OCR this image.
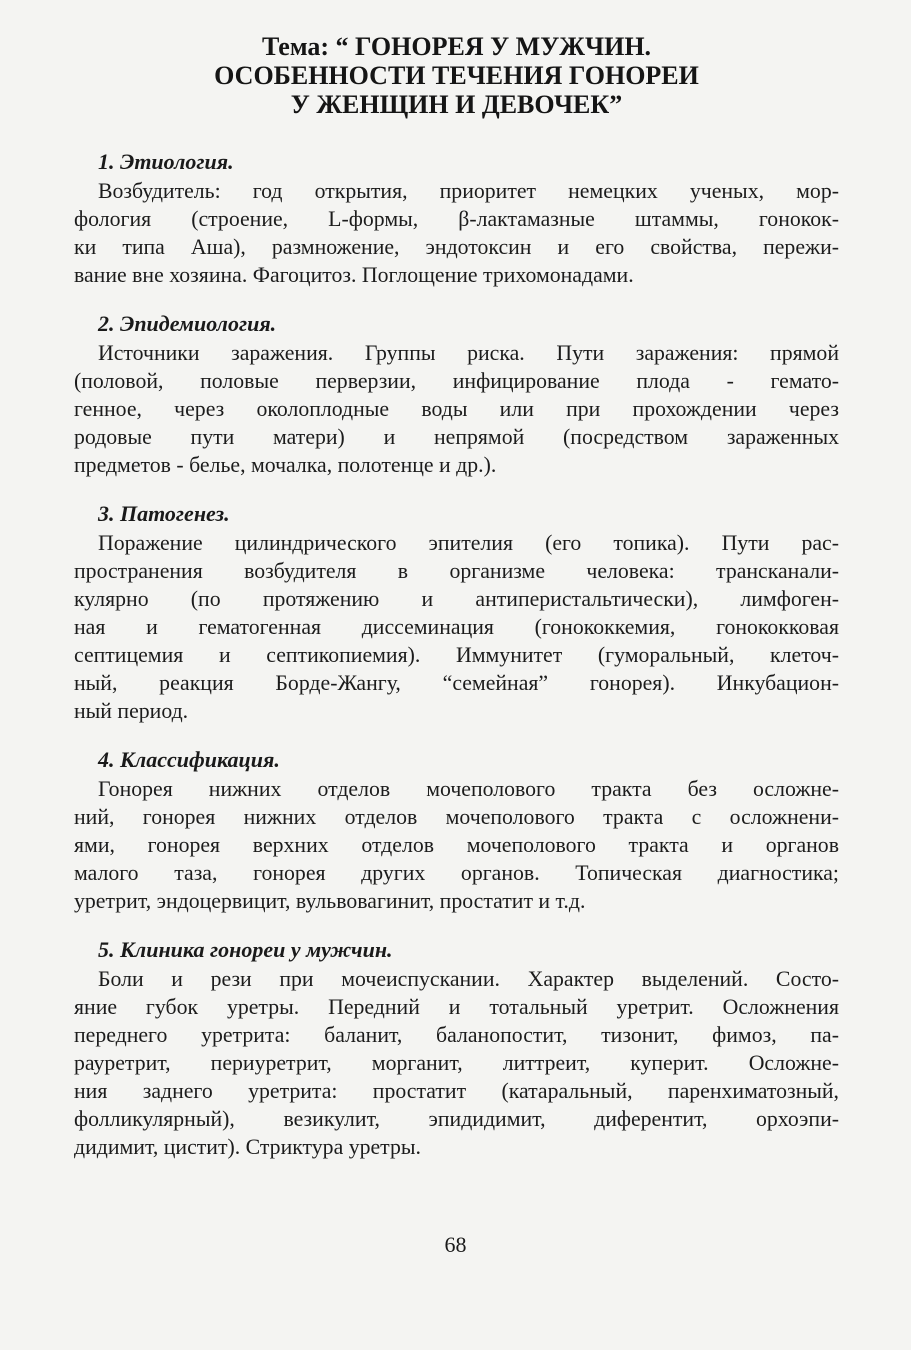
Тема: “ ГОНОРЕЯ У МУЖЧИН.
ОСОБЕННОСТИ ТЕЧЕНИЯ ГОНОРЕИ
У ЖЕНЩИН И ДЕВОЧЕК”
1. Этиология.
Возбудитель: год открытия, приоритет немецких ученых, мор-
фология (строение, L-формы, β-лактамазные штаммы, гонокок-
ки типа Аша), размножение, эндотоксин и его свойства, пережи-
вание вне хозяина. Фагоцитоз. Поглощение трихомонадами.
2. Эпидемиология.
Источники заражения. Группы риска. Пути заражения: прямой
(половой, половые перверзии, инфицирование плода - гемато-
генное, через околоплодные воды или при прохождении через
родовые пути матери) и непрямой (посредством зараженных
предметов - белье, мочалка, полотенце и др.).
3. Патогенез.
Поражение цилиндрического эпителия (его топика). Пути рас-
пространения возбудителя в организме человека: трансканали-
кулярно (по протяжению и антиперистальтически), лимфоген-
ная и гематогенная диссеминация (гонококкемия, гонококковая
септицемия и септикопиемия). Иммунитет (гуморальный, клеточ-
ный, реакция Борде-Жангу, “семейная” гонорея). Инкубацион-
ный период.
4. Классификация.
Гонорея нижних отделов мочеполового тракта без осложне-
ний, гонорея нижних отделов мочеполового тракта с осложнени-
ями, гонорея верхних отделов мочеполового тракта и органов
малого таза, гонорея других органов. Топическая диагностика;
уретрит, эндоцервицит, вульвовагинит, простатит и т.д.
5. Клиника гонореи у мужчин.
Боли и рези при мочеиспускании. Характер выделений. Состо-
яние губок уретры. Передний и тотальный уретрит. Осложнения
переднего уретрита: баланит, баланопостит, тизонит, фимоз, па-
рауретрит, периуретрит, морганит, литтреит, куперит. Осложне-
ния заднего уретрита: простатит (катаральный, паренхиматозный,
фолликулярный), везикулит, эпидидимит, диферентит, орхоэпи-
дидимит, цистит). Стриктура уретры.
68
